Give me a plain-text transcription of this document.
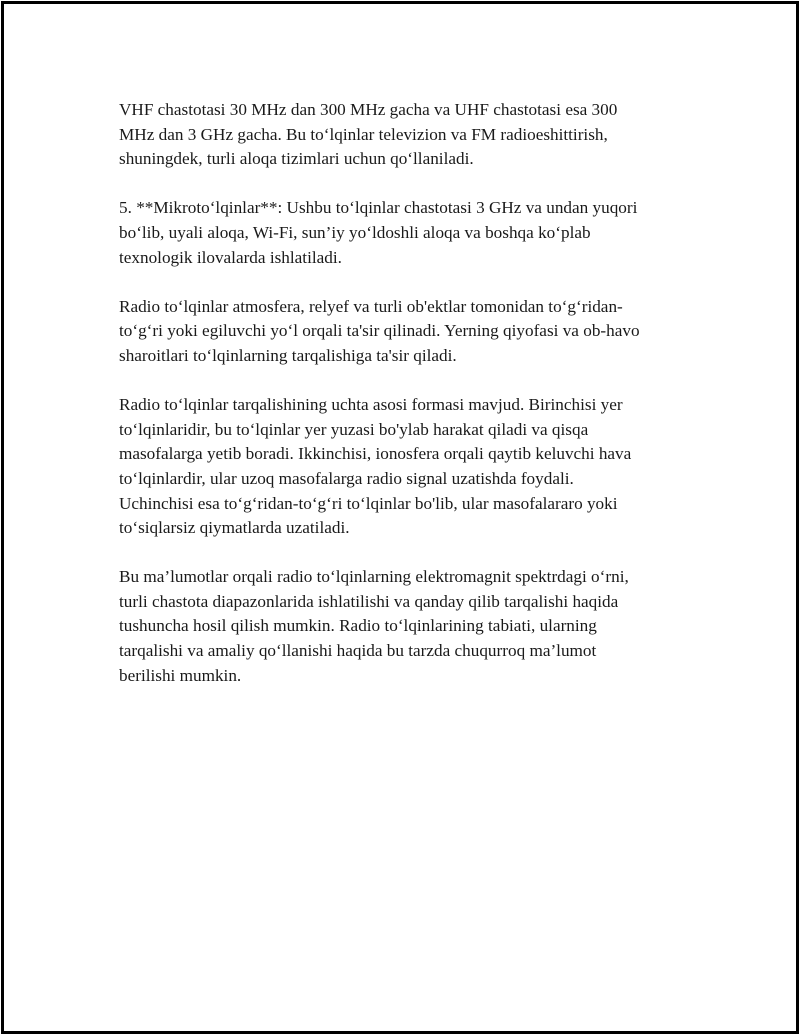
VHF chastotasi 30 MHz dan 300 MHz gacha va UHF chastotasi esa 300
MHz dan 3 GHz gacha. Bu to‘lqinlar televizion va FM radioeshittirish,
shuningdek, turli aloqa tizimlari uchun qo‘llaniladi.

5. **Mikroto‘lqinlar**: Ushbu to‘lqinlar chastotasi 3 GHz va undan yuqori
bo‘lib, uyali aloqa, Wi-Fi, sun’iy yo‘ldoshli aloqa va boshqa ko‘plab
texnologik ilovalarda ishlatiladi.

Radio to‘lqinlar atmosfera, relyef va turli ob'ektlar tomonidan to‘g‘ridan-
to‘g‘ri yoki egiluvchi yo‘l orqali ta'sir qilinadi. Yerning qiyofasi va ob-havo
sharoitlari to‘lqinlarning tarqalishiga ta'sir qiladi.

Radio to‘lqinlar tarqalishining uchta asosi formasi mavjud. Birinchisi yer
to‘lqinlaridir, bu to‘lqinlar yer yuzasi bo'ylab harakat qiladi va qisqa
masofalarga yetib boradi. Ikkinchisi, ionosfera orqali qaytib keluvchi hava
to‘lqinlardir, ular uzoq masofalarga radio signal uzatishda foydali.
Uchinchisi esa to‘g‘ridan-to‘g‘ri to‘lqinlar bo'lib, ular masofalararo yoki
to‘siqlarsiz qiymatlarda uzatiladi.

Bu ma’lumotlar orqali radio to‘lqinlarning elektromagnit spektrdagi o‘rni,
turli chastota diapazonlarida ishlatilishi va qanday qilib tarqalishi haqida
tushuncha hosil qilish mumkin. Radio to‘lqinlarining tabiati, ularning
tarqalishi va amaliy qo‘llanishi haqida bu tarzda chuqurroq ma’lumot
berilishi mumkin.
